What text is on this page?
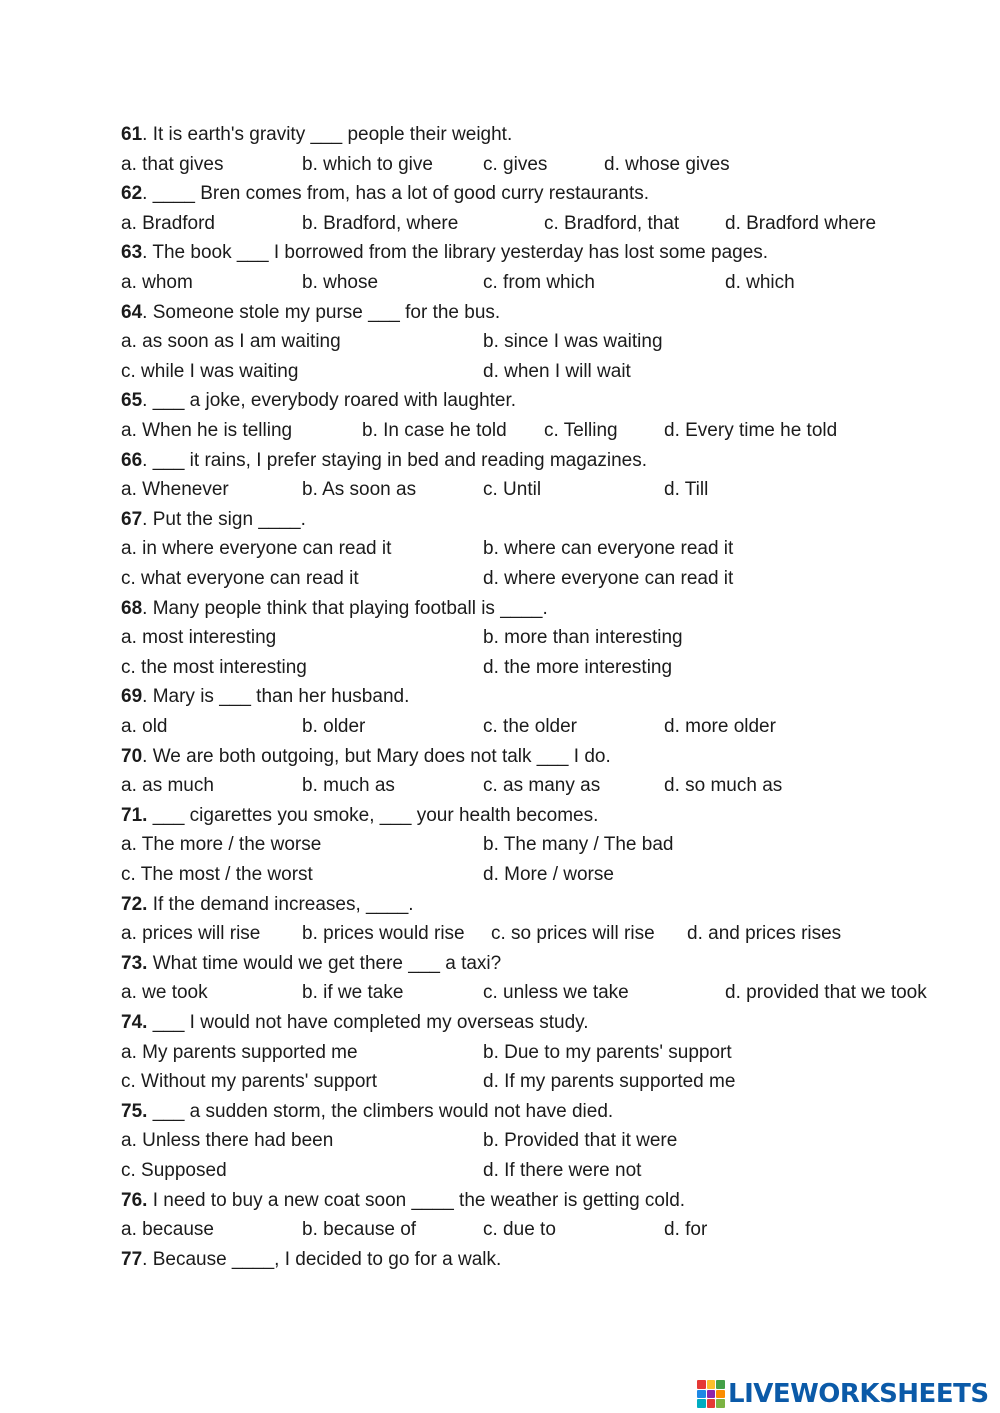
61. It is earth's gravity ___ people their weight.
a. that gives	b. which to give	c. gives	d. whose gives
62. ____ Bren comes from, has a lot of good curry restaurants.
a. Bradford	b. Bradford, where	c. Bradford, that d. Bradford where
63. The book ___ I borrowed from the library yesterday has lost some pages.
a. whom	b. whose	c. from which	d. which
64. Someone stole my purse ___ for the bus.
a. as soon as I am waiting	b. since I was waiting
c. while I was waiting	d. when I will wait
65. ___ a joke, everybody roared with laughter.
a. When he is telling	b. In case he told c. Telling d. Every time he told
66. ___ it rains, I prefer staying in bed and reading magazines.
a. Whenever	b. As soon as	c. Until	d. Till
67. Put the sign ____.
a. in where everyone can read it	b. where can everyone read it
c. what everyone can read it	d. where everyone can read it
68. Many people think that playing football is ____.
a. most interesting	b. more than interesting
c. the most interesting	d. the more interesting
69. Mary is ___ than her husband.
a. old	b. older	c. the older	d. more older
70. We are both outgoing, but Mary does not talk ___ I do.
a. as much	b. much as	c. as many as	d. so much as
71. ___ cigarettes you smoke, ___ your health becomes.
a. The more / the worse	b. The many / The bad
c. The most / the worst	d. More / worse
72. If the demand increases, ____.
a. prices will rise b. prices would rise c. so prices will rise d. and prices rises
73. What time would we get there ___ a taxi?
a. we took	b. if we take	c. unless we take	d. provided that we took
74. ___ I would not have completed my overseas study.
a. My parents supported me	b. Due to my parents' support
c. Without my parents' support	d. If my parents supported me
75. ___ a sudden storm, the climbers would not have died.
a. Unless there had been	b. Provided that it were
c. Supposed	d. If there were not
76. I need to buy a new coat soon ____ the weather is getting cold.
a. because	b. because of	c. due to	d. for
77. Because ____, I decided to go for a walk.
LIVEWORKSHEETS
